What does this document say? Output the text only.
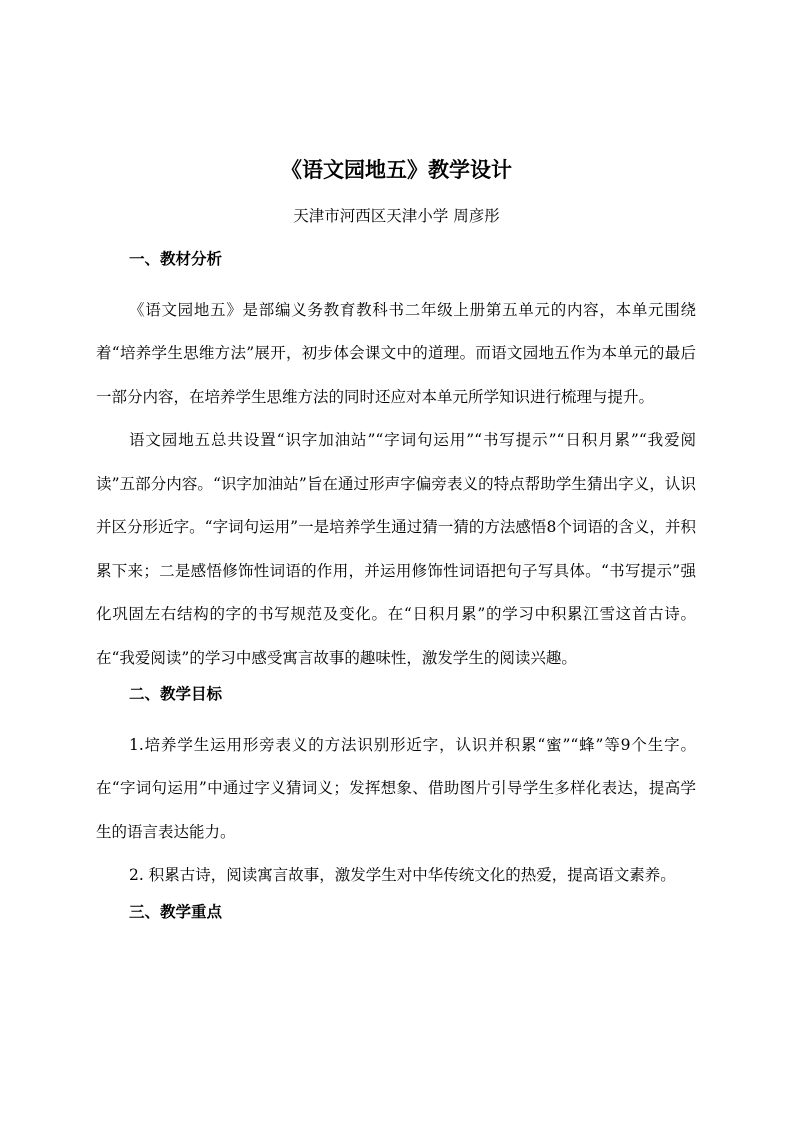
《语文园地五》教学设计
天津市河西区天津小学 周彦彤
一、教材分析

《语文园地五》是部编义务教育教科书二年级上册第五单元的内容，本单元围绕着“培养学生思维方法”展开，初步体会课文中的道理。而语文园地五作为本单元的最后一部分内容，在培养学生思维方法的同时还应对本单元所学知识进行梳理与提升。

语文园地五总共设置“识字加油站”“字词句运用”“书写提示”“日积月累”“我爱阅读”五部分内容。“识字加油站”旨在通过形声字偏旁表义的特点帮助学生猜出字义，认识并区分形近字。“字词句运用”一是培养学生通过猜一猜的方法感悟8个词语的含义，并积累下来；二是感悟修饰性词语的作用，并运用修饰性词语把句子写具体。“书写提示”强化巩固左右结构的字的书写规范及变化。在“日积月累”的学习中积累江雪这首古诗。在“我爱阅读”的学习中感受寓言故事的趣味性，激发学生的阅读兴趣。

二、教学目标

1.培养学生运用形旁表义的方法识别形近字，认识并积累“蜜”“蜂”等9个生字。在“字词句运用”中通过字义猜词义；发挥想象、借助图片引导学生多样化表达，提高学生的语言表达能力。

2. 积累古诗，阅读寓言故事，激发学生对中华传统文化的热爱，提高语文素养。

三、教学重点
